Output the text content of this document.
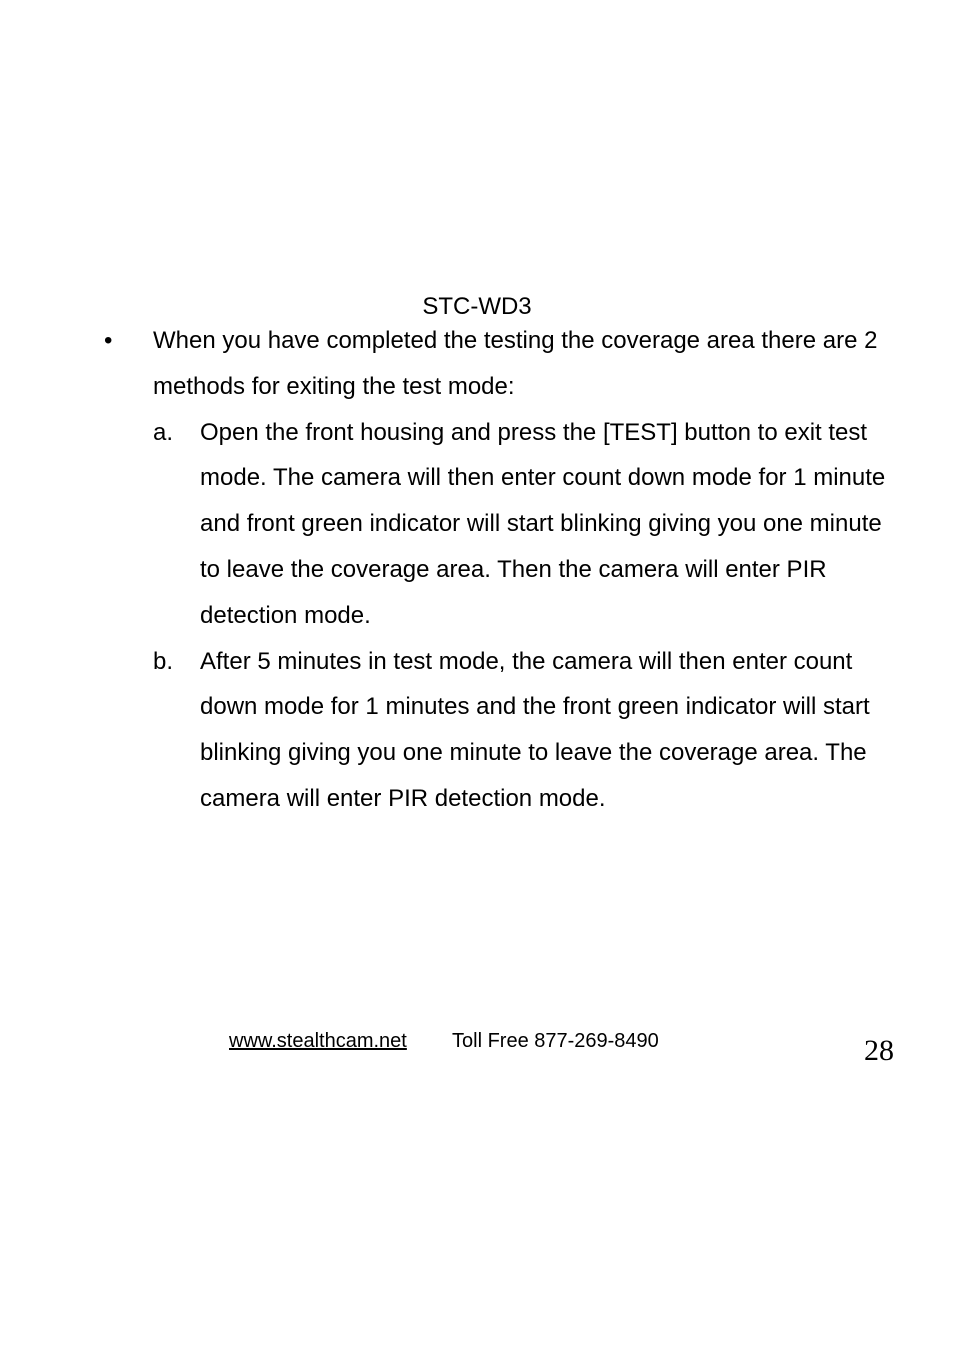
STC-WD3
• When you have completed the testing the coverage area there are 2 methods for exiting the test mode:
a. Open the front housing and press the [TEST] button to exit test mode. The camera will then enter count down mode for 1 minute and front green indicator will start blinking giving you one minute to leave the coverage area. Then the camera will enter PIR detection mode.
b. After 5 minutes in test mode, the camera will then enter count down mode for 1 minutes and the front green indicator will start blinking giving you one minute to leave the coverage area. The camera will enter PIR detection mode.
www.stealthcam.net Toll Free 877-269-8490	28
